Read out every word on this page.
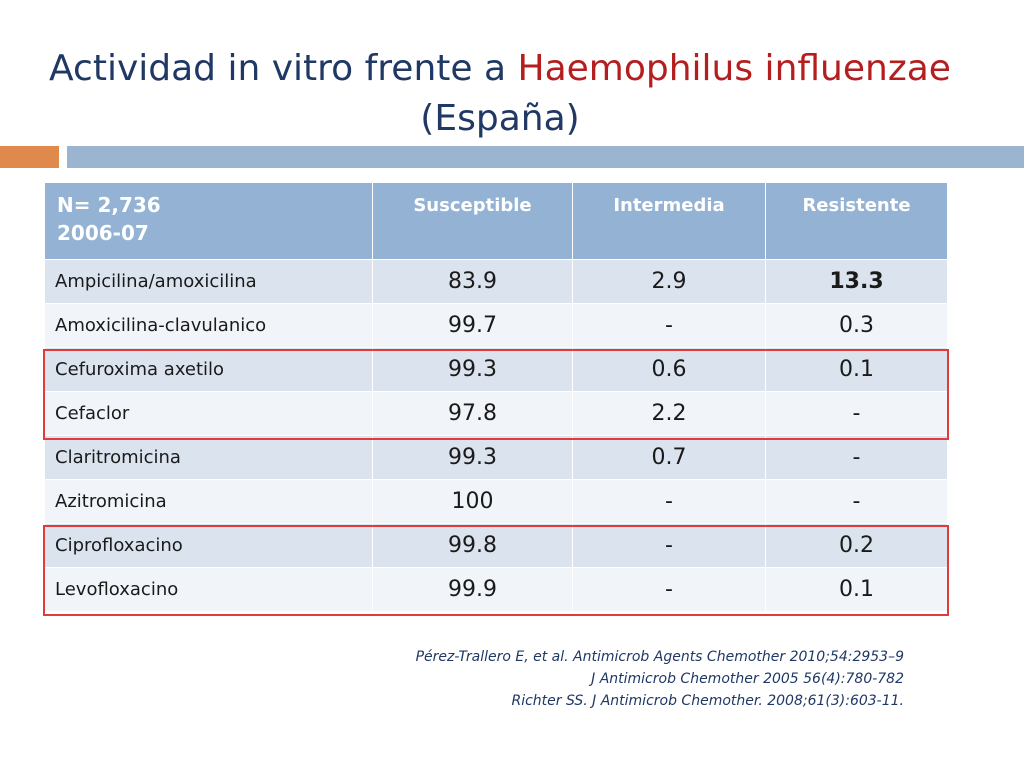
Actividad in vitro frente a Haemophilus influenzae
(España)
N= 2,736
2006-07	Susceptible	Intermedia	Resistente
Ampicilina/amoxicilina	83.9	2.9	13.3
Amoxicilina-clavulanico	99.7	-	0.3
Cefuroxima axetilo	99.3	0.6	0.1
Cefaclor	97.8	2.2	-
Claritromicina	99.3	0.7	-
Azitromicina	100	-	-
Ciprofloxacino	99.8	-	0.2
Levofloxacino	99.9	-	0.1
Pérez-Trallero E, et al. Antimicrob Agents Chemother 2010;54:2953–9
J Antimicrob Chemother 2005 56(4):780-782
Richter SS. J Antimicrob Chemother. 2008;61(3):603-11.
